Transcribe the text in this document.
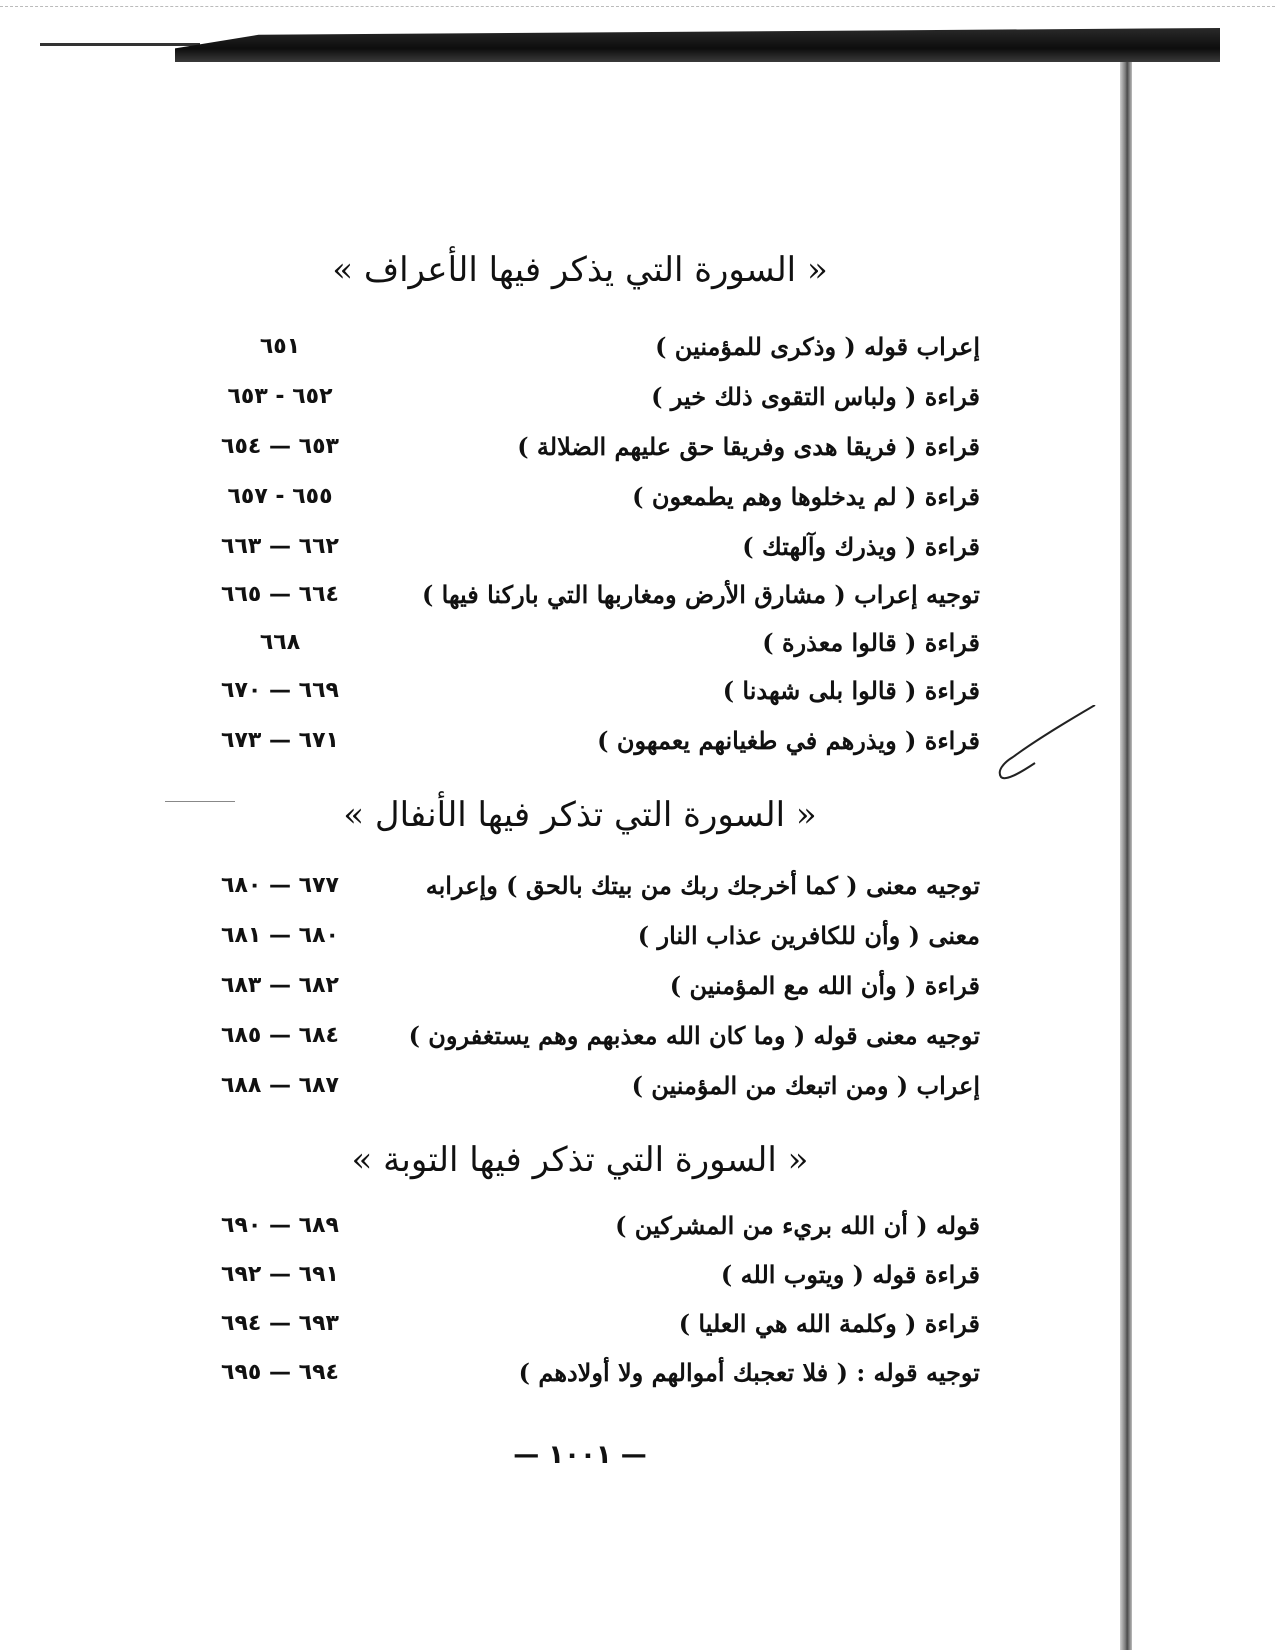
« السورة التي يذكر فيها الأعراف »
٦٥١	إعراب قوله ( وذكرى للمؤمنين )
٦٥٢ - ٦٥٣	قراءة ( ولباس التقوى ذلك خير )
٦٥٣ — ٦٥٤	قراءة ( فريقا هدى وفريقا حق عليهم الضلالة )
٦٥٥ - ٦٥٧	قراءة ( لم يدخلوها وهم يطمعون )
٦٦٢ — ٦٦٣	قراءة ( ويذرك وآلهتك )
٦٦٤ — ٦٦٥	توجيه إعراب ( مشارق الأرض ومغاربها التي باركنا فيها )
٦٦٨	قراءة ( قالوا معذرة )
٦٦٩ — ٦٧٠	قراءة ( قالوا بلى شهدنا )
٦٧١ — ٦٧٣	قراءة ( ويذرهم في طغيانهم يعمهون )
« السورة التي تذكر فيها الأنفال »
٦٧٧ — ٦٨٠	توجيه معنى ( كما أخرجك ربك من بيتك بالحق ) وإعرابه
٦٨٠ — ٦٨١	معنى ( وأن للكافرين عذاب النار )
٦٨٢ — ٦٨٣	قراءة ( وأن الله مع المؤمنين )
٦٨٤ — ٦٨٥	توجيه معنى قوله ( وما كان الله معذبهم وهم يستغفرون )
٦٨٧ — ٦٨٨	إعراب ( ومن اتبعك من المؤمنين )
« السورة التي تذكر فيها التوبة »
٦٨٩ — ٦٩٠	قوله ( أن الله بريء من المشركين )
٦٩١ — ٦٩٢	قراءة قوله ( ويتوب الله )
٦٩٣ — ٦٩٤	قراءة ( وكلمة الله هي العليا )
٦٩٤ — ٦٩٥	توجيه قوله : ( فلا تعجبك أموالهم ولا أولادهم )
— ١٠٠١ —
